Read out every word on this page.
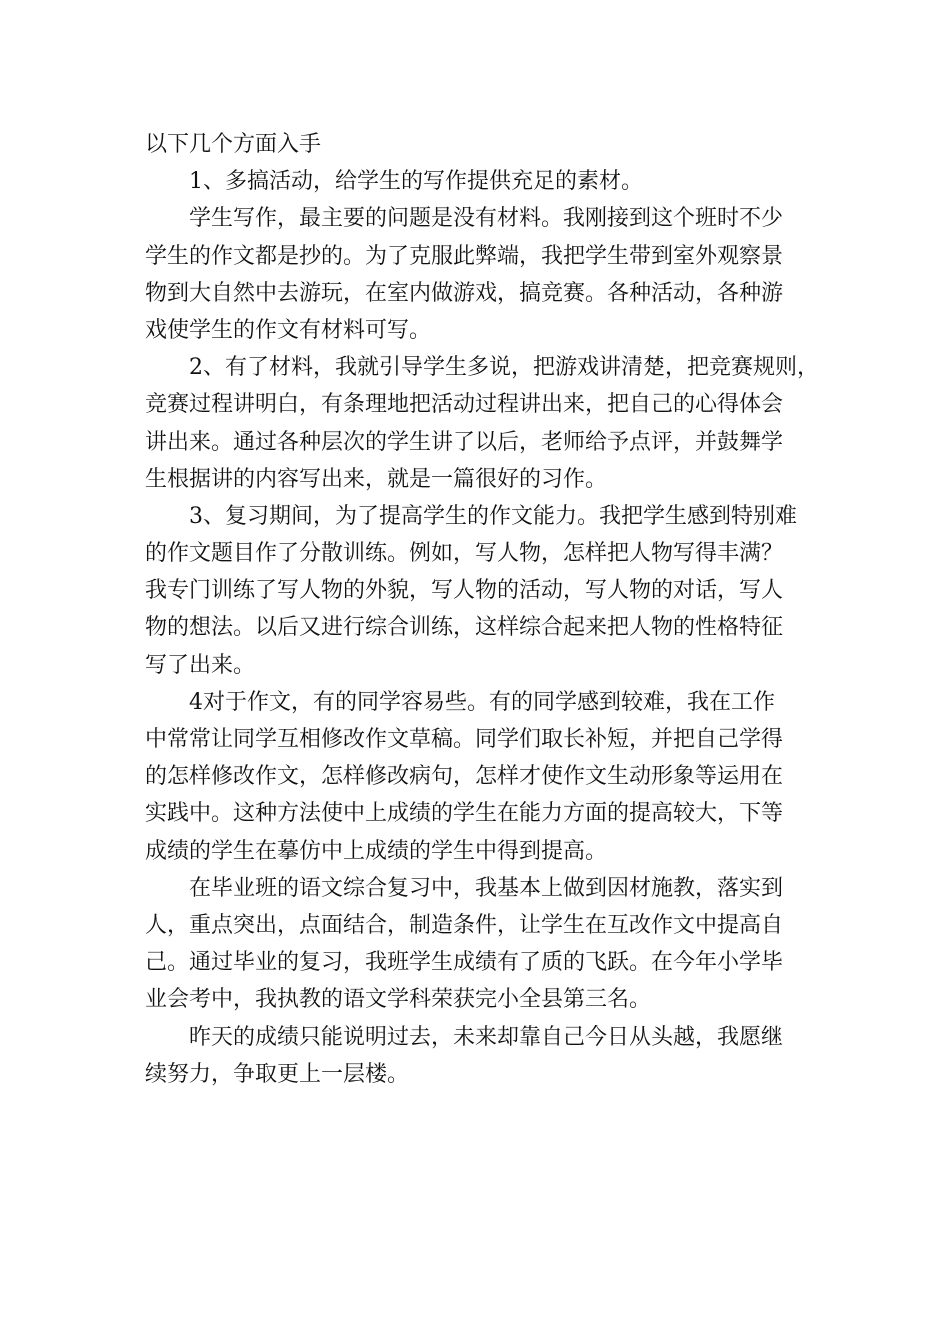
以下几个方面入手
1、多搞活动，给学生的写作提供充足的素材。
学生写作，最主要的问题是没有材料。我刚接到这个班时不少
学生的作文都是抄的。为了克服此弊端，我把学生带到室外观察景
物到大自然中去游玩，在室内做游戏，搞竞赛。各种活动，各种游
戏使学生的作文有材料可写。
2、有了材料，我就引导学生多说，把游戏讲清楚，把竞赛规则，
竞赛过程讲明白，有条理地把活动过程讲出来，把自己的心得体会
讲出来。通过各种层次的学生讲了以后，老师给予点评，并鼓舞学
生根据讲的内容写出来，就是一篇很好的习作。
3、复习期间，为了提高学生的作文能力。我把学生感到特别难
的作文题目作了分散训练。例如，写人物，怎样把人物写得丰满？
我专门训练了写人物的外貌，写人物的活动，写人物的对话，写人
物的想法。以后又进行综合训练，这样综合起来把人物的性格特征
写了出来。
4对于作文，有的同学容易些。有的同学感到较难，我在工作
中常常让同学互相修改作文草稿。同学们取长补短，并把自己学得
的怎样修改作文，怎样修改病句，怎样才使作文生动形象等运用在
实践中。这种方法使中上成绩的学生在能力方面的提高较大，下等
成绩的学生在摹仿中上成绩的学生中得到提高。
在毕业班的语文综合复习中，我基本上做到因材施教，落实到
人，重点突出，点面结合，制造条件，让学生在互改作文中提高自
己。通过毕业的复习，我班学生成绩有了质的飞跃。在今年小学毕
业会考中，我执教的语文学科荣获完小全县第三名。
昨天的成绩只能说明过去，未来却靠自己今日从头越，我愿继
续努力，争取更上一层楼。
